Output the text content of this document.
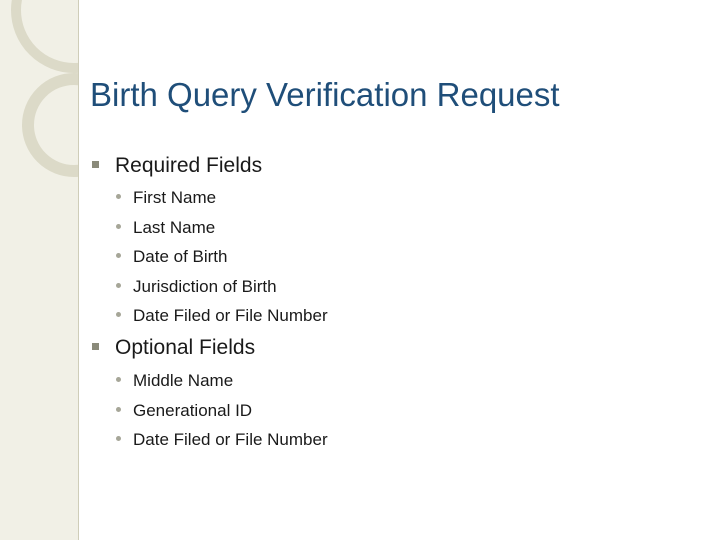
Birth Query Verification Request
Required Fields
First Name
Last Name
Date of Birth
Jurisdiction of Birth
Date Filed or File Number
Optional Fields
Middle Name
Generational ID
Date Filed or File Number
